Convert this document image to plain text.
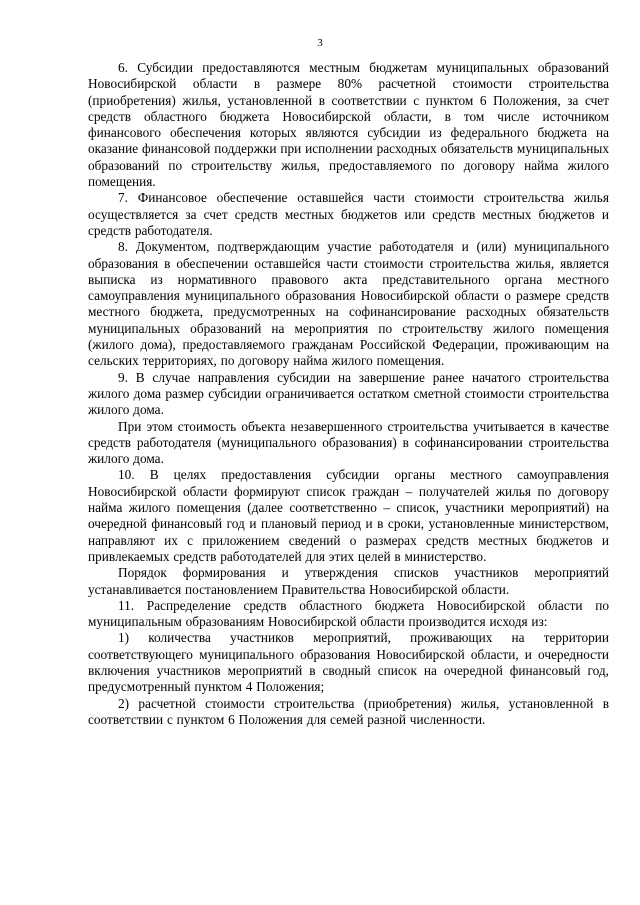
3

6. Субсидии предоставляются местным бюджетам муниципальных образований Новосибирской области в размере 80% расчетной стоимости строительства (приобретения) жилья, установленной в соответствии с пунктом 6 Положения, за счет средств областного бюджета Новосибирской области, в том числе источником финансового обеспечения которых являются субсидии из федерального бюджета на оказание финансовой поддержки при исполнении расходных обязательств муниципальных образований по строительству жилья, предоставляемого по договору найма жилого помещения.

7. Финансовое обеспечение оставшейся части стоимости строительства жилья осуществляется за счет средств местных бюджетов или средств местных бюджетов и средств работодателя.

8. Документом, подтверждающим участие работодателя и (или) муниципального образования в обеспечении оставшейся части стоимости строительства жилья, является выписка из нормативного правового акта представительного органа местного самоуправления муниципального образования Новосибирской области о размере средств местного бюджета, предусмотренных на софинансирование расходных обязательств муниципальных образований на мероприятия по строительству жилого помещения (жилого дома), предоставляемого гражданам Российской Федерации, проживающим на сельских территориях, по договору найма жилого помещения.

9. В случае направления субсидии на завершение ранее начатого строительства жилого дома размер субсидии ограничивается остатком сметной стоимости строительства жилого дома.

При этом стоимость объекта незавершенного строительства учитывается в качестве средств работодателя (муниципального образования) в софинансировании строительства жилого дома.

10. В целях предоставления субсидии органы местного самоуправления Новосибирской области формируют список граждан – получателей жилья по договору найма жилого помещения (далее соответственно – список, участники мероприятий) на очередной финансовый год и плановый период и в сроки, установленные министерством, направляют их с приложением сведений о размерах средств местных бюджетов и привлекаемых средств работодателей для этих целей в министерство.

Порядок формирования и утверждения списков участников мероприятий устанавливается постановлением Правительства Новосибирской области.

11. Распределение средств областного бюджета Новосибирской области по муниципальным образованиям Новосибирской области производится исходя из:

1) количества участников мероприятий, проживающих на территории соответствующего муниципального образования Новосибирской области, и очередности включения участников мероприятий в сводный список на очередной финансовый год, предусмотренный пунктом 4 Положения;

2) расчетной стоимости строительства (приобретения) жилья, установленной в соответствии с пунктом 6 Положения для семей разной численности.
